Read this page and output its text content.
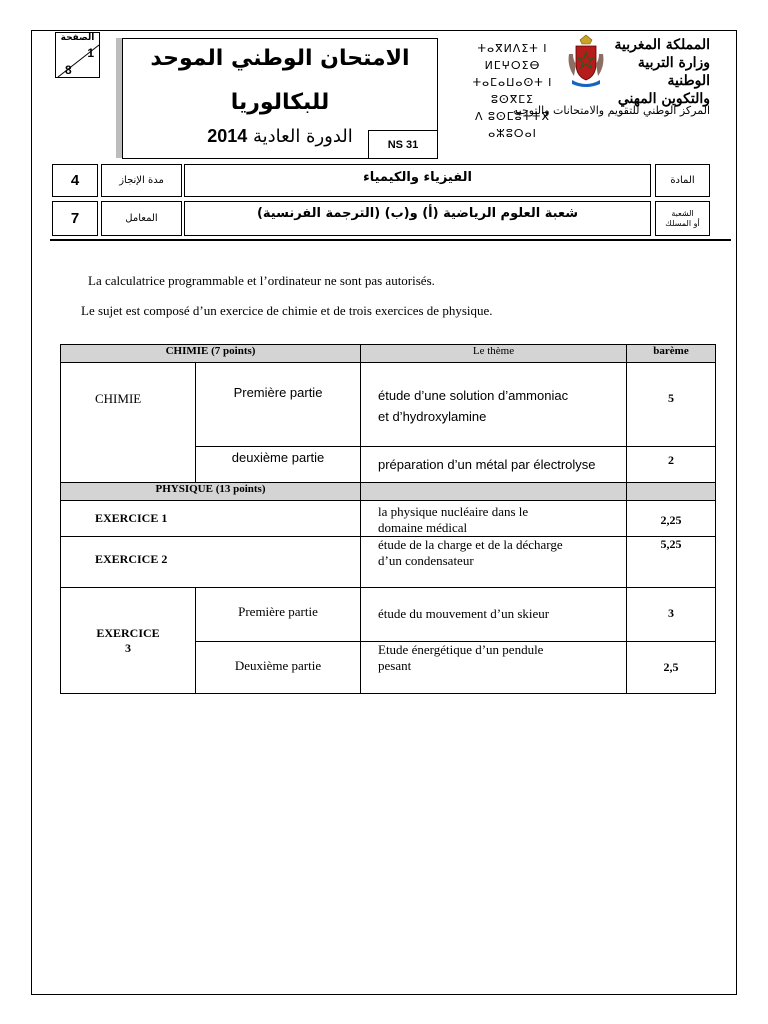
الصفحة
1
8	الامتحان الوطني الموحد
للبكالوريا
الدورة العادية 2014	NS 31
ⵜⴰⴳⵍⴷⵉⵜ ⵏ ⵍⵎⵖⵔⵉⴱ
ⵜⴰⵎⴰⵡⴰⵙⵜ ⵏ ⵓⵙⴳⵎⵉ
ⴷ ⵓⵙⵎⵓⵜⵜⴳ ⴰⵣⵓⵔⴰⵏ
المملكة المغربية
وزارة التربية الوطنية
والتكوين المهني
المركز الوطني للتقويم والامتحانات والتوجيه
4	مدة الإنجاز	الفيزياء والكيمياء	المادة
7	المعامل	شعبة العلوم الرياضية (أ) و(ب) (الترجمة الفرنسية)	الشعبة
أو المسلك
La calculatrice programmable et l’ordinateur ne sont pas autorisés.
Le sujet est composé d’un exercice de chimie et de trois exercices de physique.
CHIMIE (7 points)		Le thème	barème
CHIMIE	Première partie	étude d’une solution d’ammoniac
et d’hydroxylamine	5
	deuxième partie	préparation d’un métal par électrolyse	2
PHYSIQUE (13 points)			
EXERCICE 1		la physique nucléaire dans le
domaine médical	2,25
EXERCICE 2		étude de la charge et de la décharge
d’un condensateur	5,25

EXERCICE
3	Première partie	étude du mouvement d’un skieur	3
	Deuxième partie	Etude énergétique d’un pendule
pesant	2,5
